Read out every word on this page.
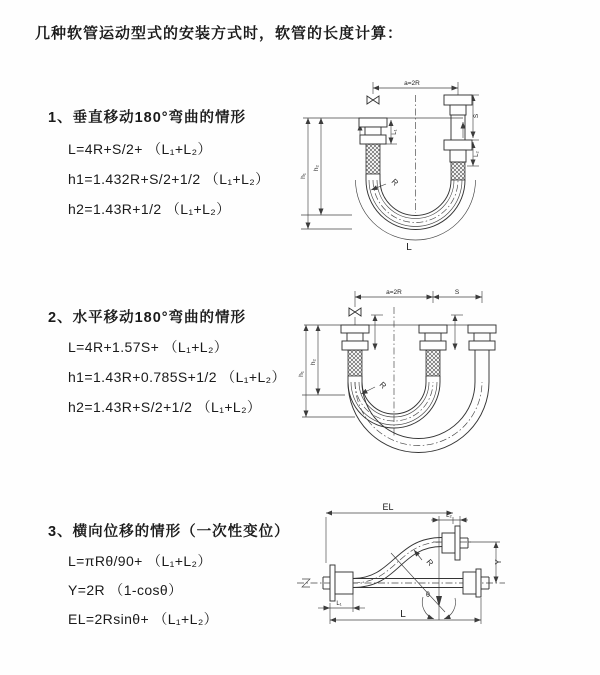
几种软管运动型式的安装方式时，软管的长度计算：
1、垂直移动180°弯曲的情形
L=4R+S/2+ （L₁+L₂）
h1=1.432R+S/2+1/2 （L₁+L₂）
h2=1.43R+1/2 （L₁+L₂）
2、水平移动180°弯曲的情形
L=4R+1.57S+ （L₁+L₂）
h1=1.43R+0.785S+1/2 （L₁+L₂）
h2=1.43R+S/2+1/2 （L₁+L₂）
3、横向位移的情形（一次性变位）
L=πRθ/90+ （L₁+L₂）
Y=2R （1-cosθ）
EL=2Rsinθ+ （L₁+L₂）
a=2R
L₁
S
L₂
h₁
h₂
R
L
a=2R	S
h₁
h₂
R
EL
L₂
Y
R
θ
L
L₁
